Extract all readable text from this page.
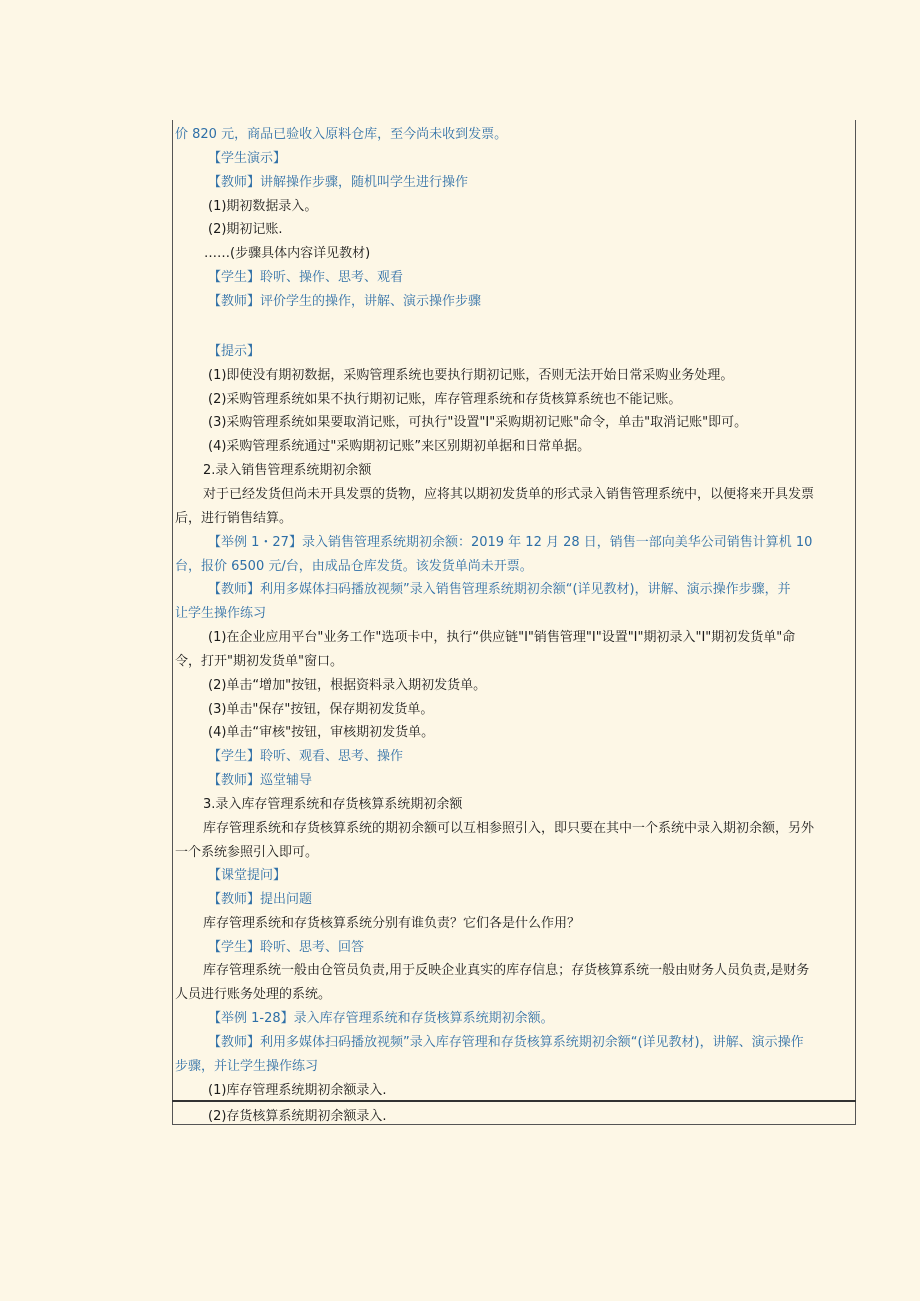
价 820 元，商品已验收入原料仓库，至今尚未收到发票。
【学生演示】
【教师】讲解操作步骤，随机叫学生进行操作
(1)期初数据录入。
(2)期初记账.
……(步骤具体内容详见教材)
【学生】聆听、操作、思考、观看
【教师】评价学生的操作，讲解、演示操作步骤
【提示】
(1)即使没有期初数据，采购管理系统也要执行期初记账，否则无法开始日常采购业务处理。
(2)采购管理系统如果不执行期初记账，库存管理系统和存货核算系统也不能记账。
(3)采购管理系统如果要取消记账，可执行"设置"I"采购期初记账"命令，单击"取消记账"即可。
(4)采购管理系统通过"采购期初记账”来区别期初单据和日常单据。
2.录入销售管理系统期初余额
对于已经发货但尚未开具发票的货物，应将其以期初发货单的形式录入销售管理系统中，以便将来开具发票
后，进行销售结算。
【举例 1・27】录入销售管理系统期初余额：2019 年 12 月 28 日，销售一部向美华公司销售计算机 10
台，报价 6500 元/台，由成品仓库发货。该发货单尚未开票。
【教师】利用多媒体扫码播放视频”录入销售管理系统期初余额“(详见教材)，讲解、演示操作步骤，并
让学生操作练习
(1)在企业应用平台"业务工作"选项卡中，执行“供应链"I"销售管理"I"设置"I"期初录入"I"期初发货单"命
令，打开"期初发货单"窗口。
(2)单击“增加"按钮，根据资料录入期初发货单。
(3)单击"保存"按钮，保存期初发货单。
(4)单击“审核"按钮，审核期初发货单。
【学生】聆听、观看、思考、操作
【教师】巡堂辅导
3.录入库存管理系统和存货核算系统期初余额
库存管理系统和存货核算系统的期初余额可以互相参照引入，即只要在其中一个系统中录入期初余额，另外
一个系统参照引入即可。
【课堂提问】
【教师】提出问题
库存管理系统和存货核算系统分别有谁负责？它们各是什么作用？
【学生】聆听、思考、回答
库存管理系统一般由仓管员负责,用于反映企业真实的库存信息；存货核算系统一般由财务人员负责,是财务
人员进行账务处理的系统。
【举例 1-28】录入库存管理系统和存货核算系统期初余额。
【教师】利用多媒体扫码播放视频”录入库存管理和存货核算系统期初余额“(详见教材)，讲解、演示操作
步骤，并让学生操作练习
(1)库存管理系统期初余额录入.
(2)存货核算系统期初余额录入.
